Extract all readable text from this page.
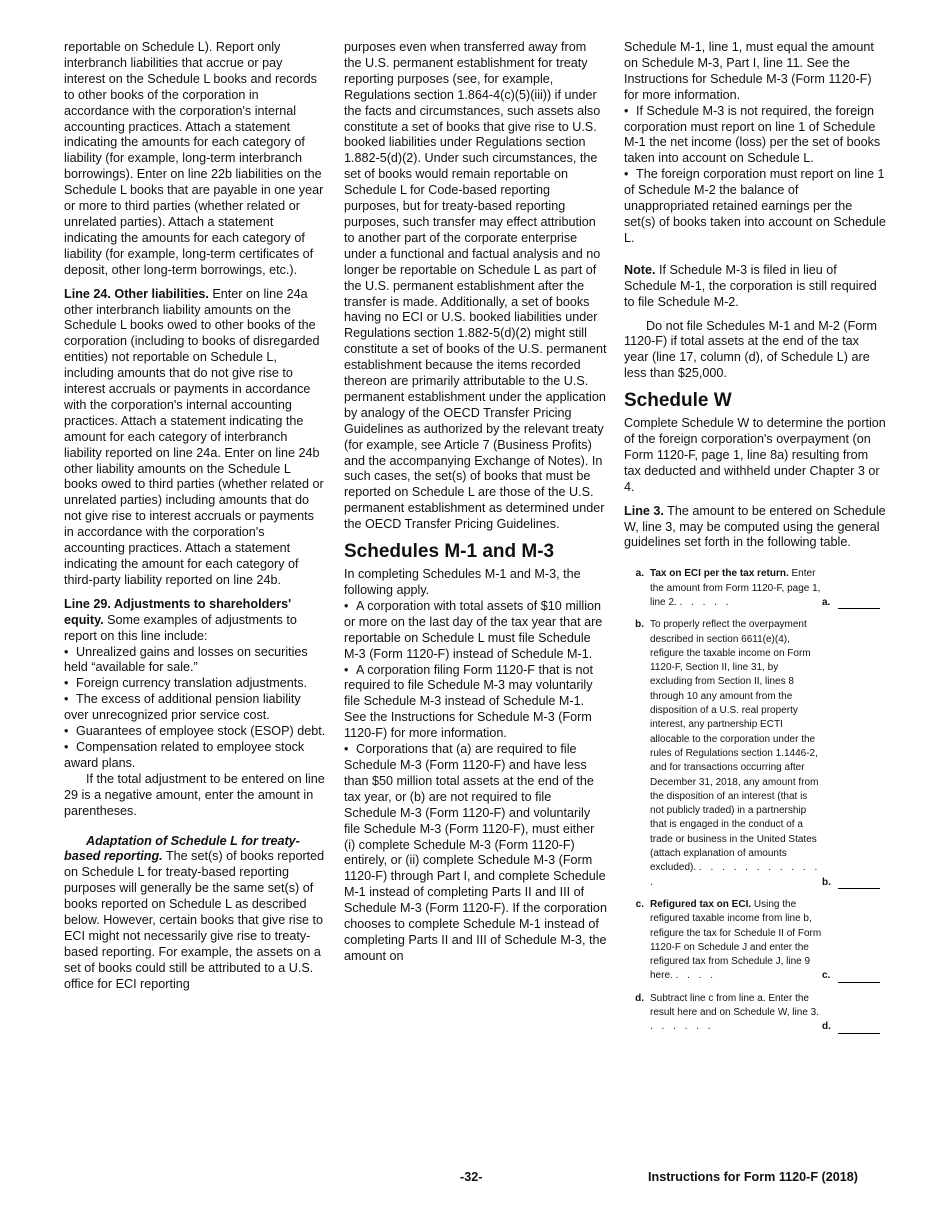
reportable on Schedule L). Report only interbranch liabilities that accrue or pay interest on the Schedule L books and records to other books of the corporation in accordance with the corporation's internal accounting practices. Attach a statement indicating the amounts for each category of liability (for example, long-term interbranch borrowings). Enter on line 22b liabilities on the Schedule L books that are payable in one year or more to third parties (whether related or unrelated parties). Attach a statement indicating the amounts for each category of liability (for example, long-term certificates of deposit, other long-term borrowings, etc.).

Line 24. Other liabilities. Enter on line 24a other interbranch liability amounts on the Schedule L books owed to other books of the corporation (including to books of disregarded entities) not reportable on Schedule L, including amounts that do not give rise to interest accruals or payments in accordance with the corporation's internal accounting practices. Attach a statement indicating the amount for each category of interbranch liability reported on line 24a. Enter on line 24b other liability amounts on the Schedule L books owed to third parties (whether related or unrelated parties) including amounts that do not give rise to interest accruals or payments in accordance with the corporation's accounting practices. Attach a statement indicating the amount for each category of third-party liability reported on line 24b.

Line 29. Adjustments to shareholders' equity. Some examples of adjustments to report on this line include:

• Unrealized gains and losses on securities held “available for sale.”
• Foreign currency translation adjustments.
• The excess of additional pension liability over unrecognized prior service cost.
• Guarantees of employee stock (ESOP) debt.
• Compensation related to employee stock award plans.

If the total adjustment to be entered on line 29 is a negative amount, enter the amount in parentheses.

Adaptation of Schedule L for treaty-based reporting. The set(s) of books reported on Schedule L for treaty-based reporting purposes will generally be the same set(s) of books reported on Schedule L as described below. However, certain books that give rise to ECI might not necessarily give rise to treaty-based reporting. For example, the assets on a set of books could still be attributed to a U.S. office for ECI reporting

purposes even when transferred away from the U.S. permanent establishment for treaty reporting purposes (see, for example, Regulations section 1.864-4(c)(5)(iii)) if under the facts and circumstances, such assets also constitute a set of books that give rise to U.S. booked liabilities under Regulations section 1.882-5(d)(2). Under such circumstances, the set of books would remain reportable on Schedule L for Code-based reporting purposes, but for treaty-based reporting purposes, such transfer may effect attribution to another part of the corporate enterprise under a functional and factual analysis and no longer be reportable on Schedule L as part of the U.S. permanent establishment after the transfer is made. Additionally, a set of books having no ECI or U.S. booked liabilities under Regulations section 1.882-5(d)(2) might still constitute a set of books of the U.S. permanent establishment because the items recorded thereon are primarily attributable to the U.S. permanent establishment under the application by analogy of the OECD Transfer Pricing Guidelines as authorized by the relevant treaty (for example, see Article 7 (Business Profits) and the accompanying Exchange of Notes). In such cases, the set(s) of books that must be reported on Schedule L are those of the U.S. permanent establishment as determined under the OECD Transfer Pricing Guidelines.

Schedules M-1 and M-3

In completing Schedules M-1 and M-3, the following apply.

• A corporation with total assets of $10 million or more on the last day of the tax year that are reportable on Schedule L must file Schedule M-3 (Form 1120-F) instead of Schedule M-1.
• A corporation filing Form 1120-F that is not required to file Schedule M-3 may voluntarily file Schedule M-3 instead of Schedule M-1. See the Instructions for Schedule M-3 (Form 1120-F) for more information.
• Corporations that (a) are required to file Schedule M-3 (Form 1120-F) and have less than $50 million total assets at the end of the tax year, or (b) are not required to file Schedule M-3 (Form 1120-F) and voluntarily file Schedule M-3 (Form 1120-F), must either (i) complete Schedule M-3 (Form 1120-F) entirely, or (ii) complete Schedule M-3 (Form 1120-F) through Part I, and complete Schedule M-1 instead of completing Parts II and III of Schedule M-3 (Form 1120-F). If the corporation chooses to complete Schedule M-1 instead of completing Parts II and III of Schedule M-3, the amount on

Schedule M-1, line 1, must equal the amount on Schedule M-3, Part I, line 11. See the Instructions for Schedule M-3 (Form 1120-F) for more information.

• If Schedule M-3 is not required, the foreign corporation must report on line 1 of Schedule M-1 the net income (loss) per the set of books taken into account on Schedule L.
• The foreign corporation must report on line 1 of Schedule M-2 the balance of unappropriated retained earnings per the set(s) of books taken into account on Schedule L.

Note. If Schedule M-3 is filed in lieu of Schedule M-1, the corporation is still required to file Schedule M-2.

Do not file Schedules M-1 and M-2 (Form 1120-F) if total assets at the end of the tax year (line 17, column (d), of Schedule L) are less than $25,000.

Schedule W

Complete Schedule W to determine the portion of the foreign corporation's overpayment (on Form 1120-F, page 1, line 8a) resulting from tax deducted and withheld under Chapter 3 or 4.

Line 3. The amount to be entered on Schedule W, line 3, may be computed using the general guidelines set forth in the following table.

a. Tax on ECI per the tax return. Enter the amount from Form 1120-F, page 1, line 2. . . . . .	a.
b. To properly reflect the overpayment described in section 6611(e)(4), refigure the taxable income on Form 1120-F, Section II, line 31, by excluding from Section II, lines 8 through 10 any amount from the disposition of a U.S. real property interest, any partnership ECTI allocable to the corporation under the rules of Regulations section 1.1446-2, and for transactions occurring after December 31, 2018, any amount from the disposition of an interest (that is not publicly traded) in a partnership that is engaged in the conduct of a trade or business in the United States (attach explanation of amounts excluded). . . . . . . . . . . . .	b.
c. Refigured tax on ECI. Using the refigured taxable income from line b, refigure the tax for Schedule II of Form 1120-F on Schedule J and enter the refigured tax from Schedule J, line 9 here. . . . .	c.
d. Subtract line c from line a. Enter the result here and on Schedule W, line 3. . . . . . .	d.
-32-	Instructions for Form 1120-F (2018)
